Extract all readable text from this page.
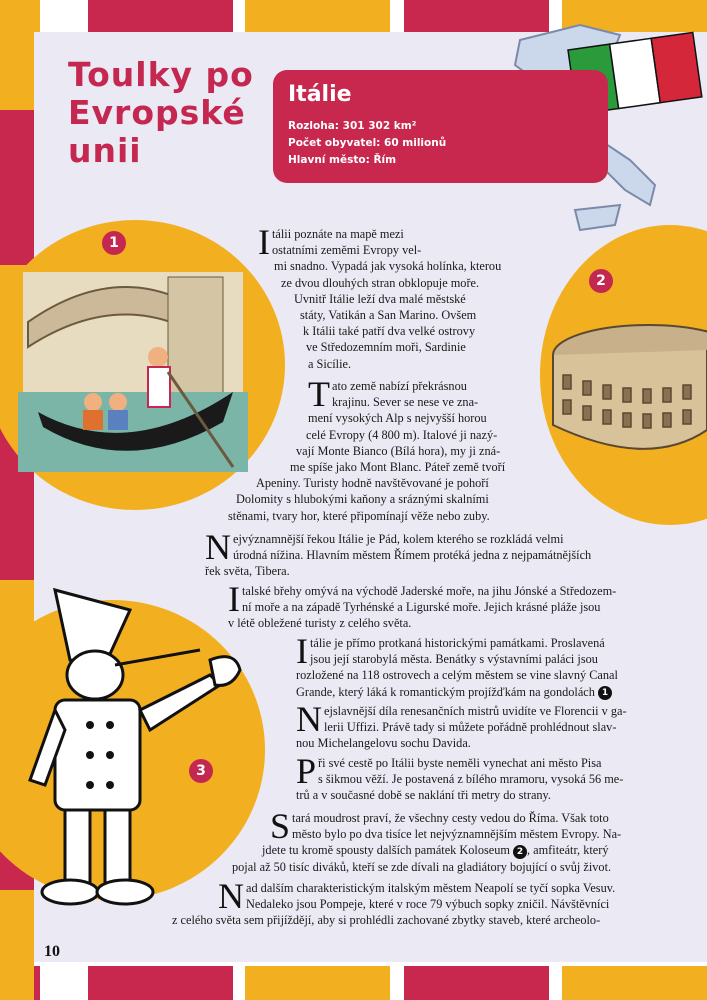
Toulky po
Evropské
unii
Itálie
Rozloha: 301 302 km²
Počet obyvatel: 60 milionů
Hlavní město: Řím
1
2
3
I tálii poznáte na mapě mezi
ostatními zeměmi Evropy vel-
mi snadno. Vypadá jak vysoká holínka, kterou
ze dvou dlouhých stran obklopuje moře.
Uvnitř Itálie leží dva malé městské
státy, Vatikán a San Marino. Ovšem
k Itálii také patří dva velké ostrovy
ve Středozemním moři, Sardinie
a Sicílie.
T ato země nabízí překrásnou
krajinu. Sever se nese ve zna-
mení vysokých Alp s nejvyšší horou
celé Evropy (4 800 m). Italové ji nazý-
vají Monte Bianco (Bílá hora), my ji zná-
me spíše jako Mont Blanc. Páteř země tvoří
Apeniny. Turisty hodně navštěvované je pohoří
Dolomity s hlubokými kaňony a sráznými skalními
stěnami, tvary hor, které připomínají věže nebo zuby.
N ejvýznamnější řekou Itálie je Pád, kolem kterého se rozkládá velmi
úrodná nížina. Hlavním městem Římem protéká jedna z nejpamátnějších
řek světa, Tibera.
I talské břehy omývá na východě Jaderské moře, na jihu Jónské a Středozem-
ní moře a na západě Tyrhénské a Ligurské moře. Jejich krásné pláže jsou
v létě obležené turisty z celého světa.
I tálie je přímo protkaná historickými památkami. Proslavená
jsou její starobylá města. Benátky s výstavními paláci jsou
rozložené na 118 ostrovech a celým městem se vine slavný Canal
Grande, který láká k romantickým projížďkám na gondolách 1
N ejslavnější díla renesančních mistrů uvidíte ve Florencii v ga-
lerii Uffizi. Právě tady si můžete pořádně prohlédnout slav-
nou Michelangelovu sochu Davida.
P ři své cestě po Itálii byste neměli vynechat ani město Pisa
s šikmou věží. Je postavená z bílého mramoru, vysoká 56 me-
trů a v současné době se naklání tři metry do strany.
S tará moudrost praví, že všechny cesty vedou do Říma. Však toto
město bylo po dva tisíce let nejvýznamnějším městem Evropy. Na-
jdete tu kromě spousty dalších památek Koloseum 2 , amfiteátr, který
pojal až 50 tisíc diváků, kteří se zde dívali na gladiátory bojující o svůj život.
N ad dalším charakteristickým italským městem Neapolí se tyčí sopka Vesuv.
Nedaleko jsou Pompeje, které v roce 79 výbuch sopky zničil. Návštěvníci
z celého světa sem přijíždějí, aby si prohlédli zachované zbytky staveb, které archeolo-
10
